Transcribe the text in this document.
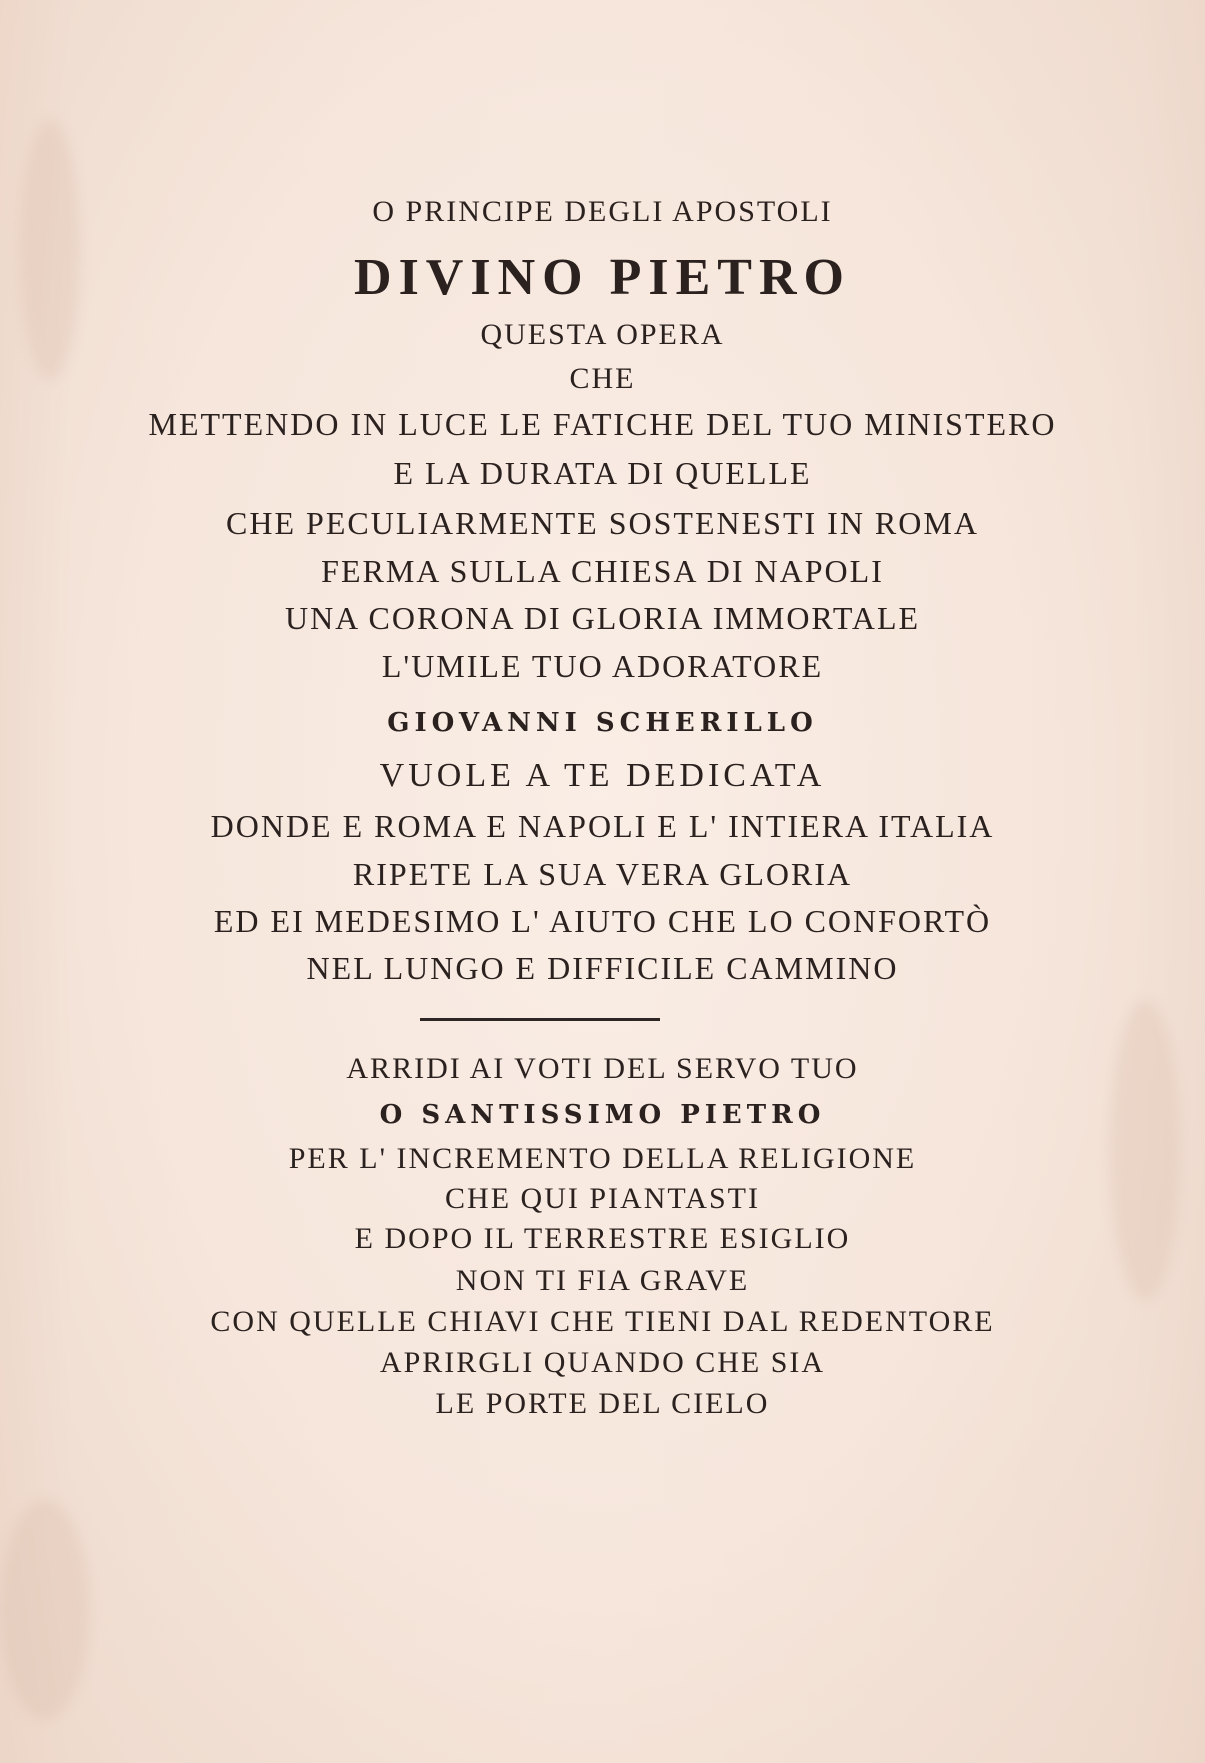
O PRINCIPE DEGLI APOSTOLI
DIVINO PIETRO
QUESTA OPERA
CHE
METTENDO IN LUCE LE FATICHE DEL TUO MINISTERO
E LA DURATA DI QUELLE
CHE PECULIARMENTE SOSTENESTI IN ROMA
FERMA SULLA CHIESA DI NAPOLI
UNA CORONA DI GLORIA IMMORTALE
L'UMILE TUO ADORATORE
GIOVANNI SCHERILLO
VUOLE A TE DEDICATA
DONDE E ROMA E NAPOLI E L' INTIERA ITALIA
RIPETE LA SUA VERA GLORIA
ED EI MEDESIMO L' AIUTO CHE LO CONFORTÒ
NEL LUNGO E DIFFICILE CAMMINO
ARRIDI AI VOTI DEL SERVO TUO
O SANTISSIMO PIETRO
PER L' INCREMENTO DELLA RELIGIONE
CHE QUI PIANTASTI
E DOPO IL TERRESTRE ESIGLIO
NON TI FIA GRAVE
CON QUELLE CHIAVI CHE TIENI DAL REDENTORE
APRIRGLI QUANDO CHE SIA
LE PORTE DEL CIELO
